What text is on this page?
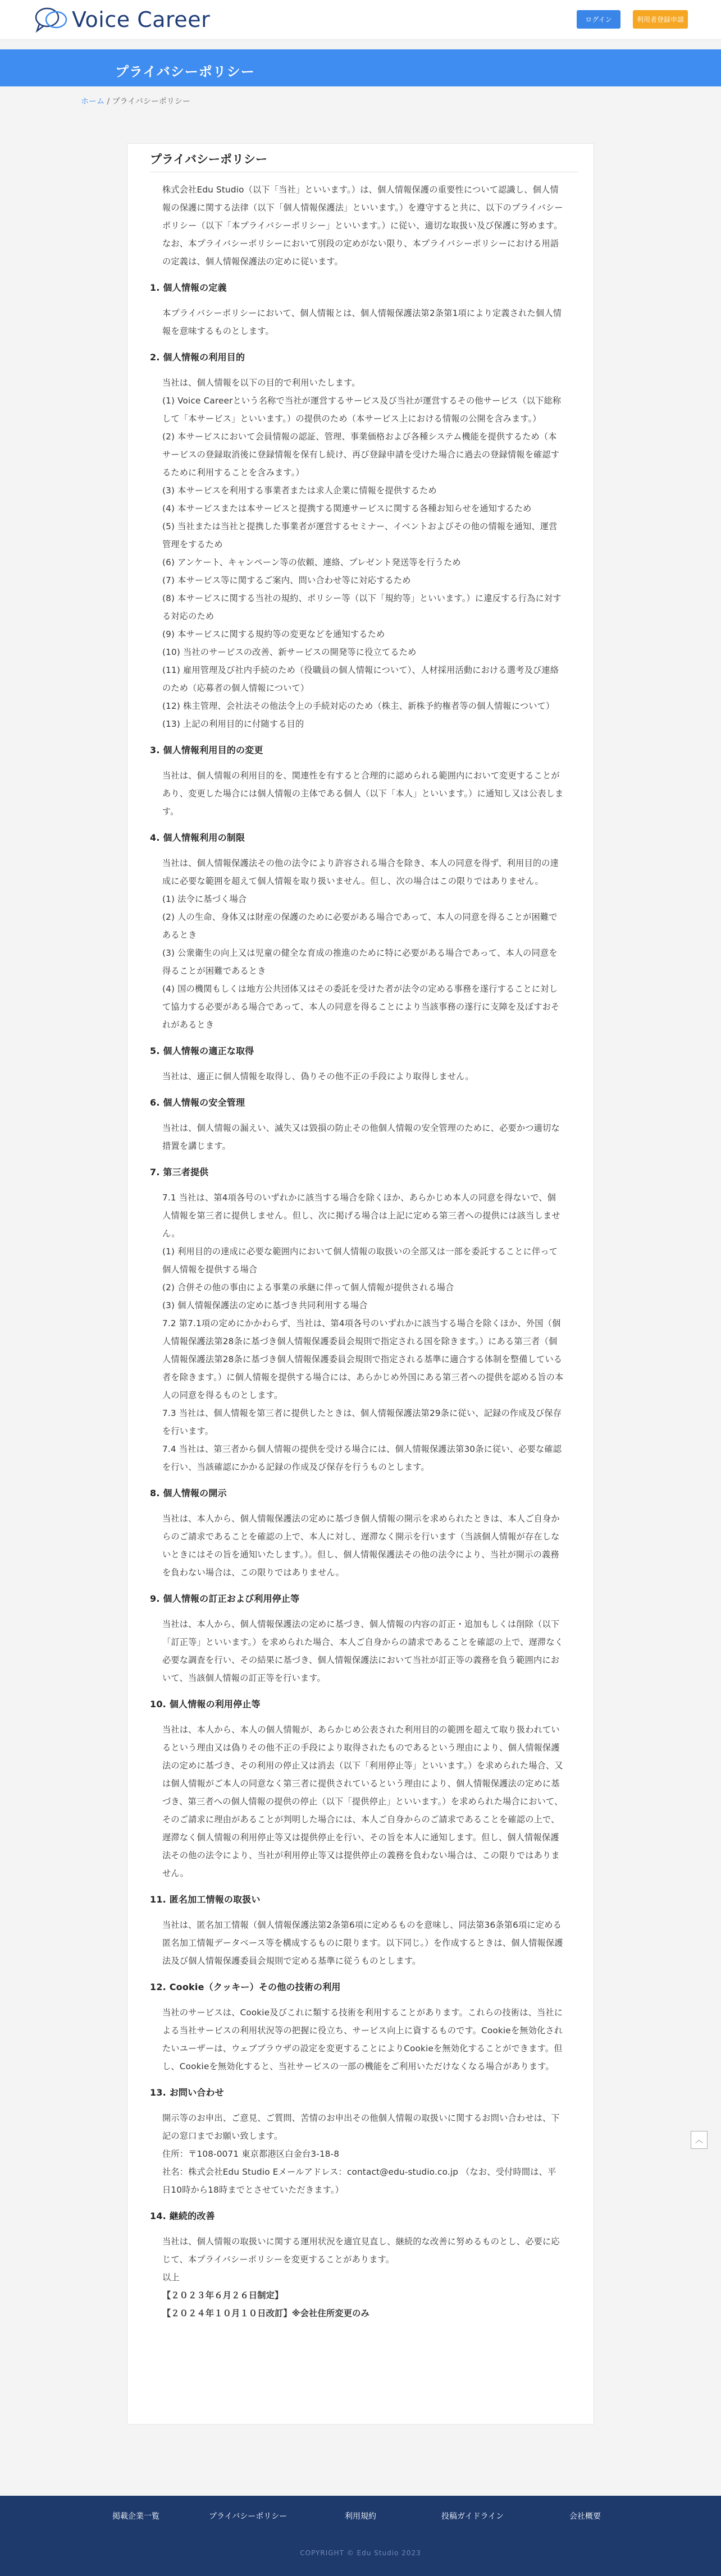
Voice Career	ログイン	利用者登録申請
プライバシーポリシー
ホーム / プライバシーポリシー
プライバシーポリシー

株式会社Edu Studio（以下「当社」といいます。）は、個人情報保護の重要性について認識し、個人情報の保護に関する法律（以下「個人情報保護法」といいます。）を遵守すると共に、以下のプライバシーポリシー（以下「本プライバシーポリシー」といいます。）に従い、適切な取扱い及び保護に努めます。なお、本プライバシーポリシーにおいて別段の定めがない限り、本プライバシーポリシーにおける用語の定義は、個人情報保護法の定めに従います。

1. 個人情報の定義

本プライバシーポリシーにおいて、個人情報とは、個人情報保護法第2条第1項により定義された個人情報を意味するものとします。

2. 個人情報の利用目的

当社は、個人情報を以下の目的で利用いたします。

(1) Voice Careerという名称で当社が運営するサービス及び当社が運営するその他サービス（以下総称して「本サービス」といいます。）の提供のため（本サービス上における情報の公開を含みます。）

(2) 本サービスにおいて会員情報の認証、管理、事業価格および各種システム機能を提供するため（本サービスの登録取消後に登録情報を保有し続け、再び登録申請を受けた場合に過去の登録情報を確認するために利用することを含みます。）

(3) 本サービスを利用する事業者または求人企業に情報を提供するため

(4) 本サービスまたは本サービスと提携する関連サービスに関する各種お知らせを通知するため

(5) 当社または当社と提携した事業者が運営するセミナー、イベントおよびその他の情報を通知、運営管理をするため

(6) アンケート、キャンペーン等の依頼、連絡、プレゼント発送等を行うため

(7) 本サービス等に関するご案内、問い合わせ等に対応するため

(8) 本サービスに関する当社の規約、ポリシー等（以下「規約等」といいます。）に違反する行為に対する対応のため

(9) 本サービスに関する規約等の変更などを通知するため

(10) 当社のサービスの改善、新サービスの開発等に役立てるため

(11) 雇用管理及び社内手続のため（役職員の個人情報について）、人材採用活動における選考及び連絡のため（応募者の個人情報について）

(12) 株主管理、会社法その他法令上の手続対応のため（株主、新株予約権者等の個人情報について）

(13) 上記の利用目的に付随する目的

3. 個人情報利用目的の変更

当社は、個人情報の利用目的を、関連性を有すると合理的に認められる範囲内において変更することがあり、変更した場合には個人情報の主体である個人（以下「本人」といいます。）に通知し又は公表します。

4. 個人情報利用の制限

当社は、個人情報保護法その他の法令により許容される場合を除き、本人の同意を得ず、利用目的の達成に必要な範囲を超えて個人情報を取り扱いません。但し、次の場合はこの限りではありません。

(1) 法令に基づく場合

(2) 人の生命、身体又は財産の保護のために必要がある場合であって、本人の同意を得ることが困難であるとき

(3) 公衆衛生の向上又は児童の健全な育成の推進のために特に必要がある場合であって、本人の同意を得ることが困難であるとき

(4) 国の機関もしくは地方公共団体又はその委託を受けた者が法令の定める事務を遂行することに対して協力する必要がある場合であって、本人の同意を得ることにより当該事務の遂行に支障を及ぼすおそれがあるとき

5. 個人情報の適正な取得

当社は、適正に個人情報を取得し、偽りその他不正の手段により取得しません。

6. 個人情報の安全管理

当社は、個人情報の漏えい、滅失又は毀損の防止その他個人情報の安全管理のために、必要かつ適切な措置を講じます。

7. 第三者提供

7.1 当社は、第4項各号のいずれかに該当する場合を除くほか、あらかじめ本人の同意を得ないで、個人情報を第三者に提供しません。但し、次に掲げる場合は上記に定める第三者への提供には該当しません。

(1) 利用目的の達成に必要な範囲内において個人情報の取扱いの全部又は一部を委託することに伴って個人情報を提供する場合

(2) 合併その他の事由による事業の承継に伴って個人情報が提供される場合

(3) 個人情報保護法の定めに基づき共同利用する場合

7.2 第7.1項の定めにかかわらず、当社は、第4項各号のいずれかに該当する場合を除くほか、外国（個人情報保護法第28条に基づき個人情報保護委員会規則で指定される国を除きます。）にある第三者（個人情報保護法第28条に基づき個人情報保護委員会規則で指定される基準に適合する体制を整備している者を除きます。）に個人情報を提供する場合には、あらかじめ外国にある第三者への提供を認める旨の本人の同意を得るものとします。

7.3 当社は、個人情報を第三者に提供したときは、個人情報保護法第29条に従い、記録の作成及び保存を行います。

7.4 当社は、第三者から個人情報の提供を受ける場合には、個人情報保護法第30条に従い、必要な確認を行い、当該確認にかかる記録の作成及び保存を行うものとします。

8. 個人情報の開示

当社は、本人から、個人情報保護法の定めに基づき個人情報の開示を求められたときは、本人ご自身からのご請求であることを確認の上で、本人に対し、遅滞なく開示を行います（当該個人情報が存在しないときにはその旨を通知いたします。）。但し、個人情報保護法その他の法令により、当社が開示の義務を負わない場合は、この限りではありません。

9. 個人情報の訂正および利用停止等

当社は、本人から、個人情報保護法の定めに基づき、個人情報の内容の訂正・追加もしくは削除（以下「訂正等」といいます。）を求められた場合、本人ご自身からの請求であることを確認の上で、遅滞なく必要な調査を行い、その結果に基づき、個人情報保護法において当社が訂正等の義務を負う範囲内において、当該個人情報の訂正等を行います。

10. 個人情報の利用停止等

当社は、本人から、本人の個人情報が、あらかじめ公表された利用目的の範囲を超えて取り扱われているという理由又は偽りその他不正の手段により取得されたものであるという理由により、個人情報保護法の定めに基づき、その利用の停止又は消去（以下「利用停止等」といいます。）を求められた場合、又は個人情報がご本人の同意なく第三者に提供されているという理由により、個人情報保護法の定めに基づき、第三者への個人情報の提供の停止（以下「提供停止」といいます。）を求められた場合において、そのご請求に理由があることが判明した場合には、本人ご自身からのご請求であることを確認の上で、遅滞なく個人情報の利用停止等又は提供停止を行い、その旨を本人に通知します。但し、個人情報保護法その他の法令により、当社が利用停止等又は提供停止の義務を負わない場合は、この限りではありません。

11. 匿名加工情報の取扱い

当社は、匿名加工情報（個人情報保護法第2条第6項に定めるものを意味し、同法第36条第6項に定める匿名加工情報データベース等を構成するものに限ります。以下同じ。）を作成するときは、個人情報保護法及び個人情報保護委員会規則で定める基準に従うものとします。

12. Cookie（クッキー）その他の技術の利用

当社のサービスは、Cookie及びこれに類する技術を利用することがあります。これらの技術は、当社による当社サービスの利用状況等の把握に役立ち、サービス向上に資するものです。Cookieを無効化されたいユーザーは、ウェブブラウザの設定を変更することによりCookieを無効化することができます。但し、Cookieを無効化すると、当社サービスの一部の機能をご利用いただけなくなる場合があります。

13. お問い合わせ

開示等のお申出、ご意見、ご質問、苦情のお申出その他個人情報の取扱いに関するお問い合わせは、下記の窓口までお願い致します。

住所：〒108-0071 東京都港区白金台3-18-8

社名：株式会社Edu Studio Eメールアドレス：contact@edu-studio.co.jp （なお、受付時間は、平日10時から18時までとさせていただきます。）

14. 継続的改善

当社は、個人情報の取扱いに関する運用状況を適宜見直し、継続的な改善に努めるものとし、必要に応じて、本プライバシーポリシーを変更することがあります。

以上

【２０２３年６月２６日制定】

【２０２４年１０月１０日改訂】※会社住所変更のみ

︿
掲載企業一覧	プライバシーポリシー	利用規約	投稿ガイドライン	会社概要
COPYRIGHT © Edu Studio 2023
